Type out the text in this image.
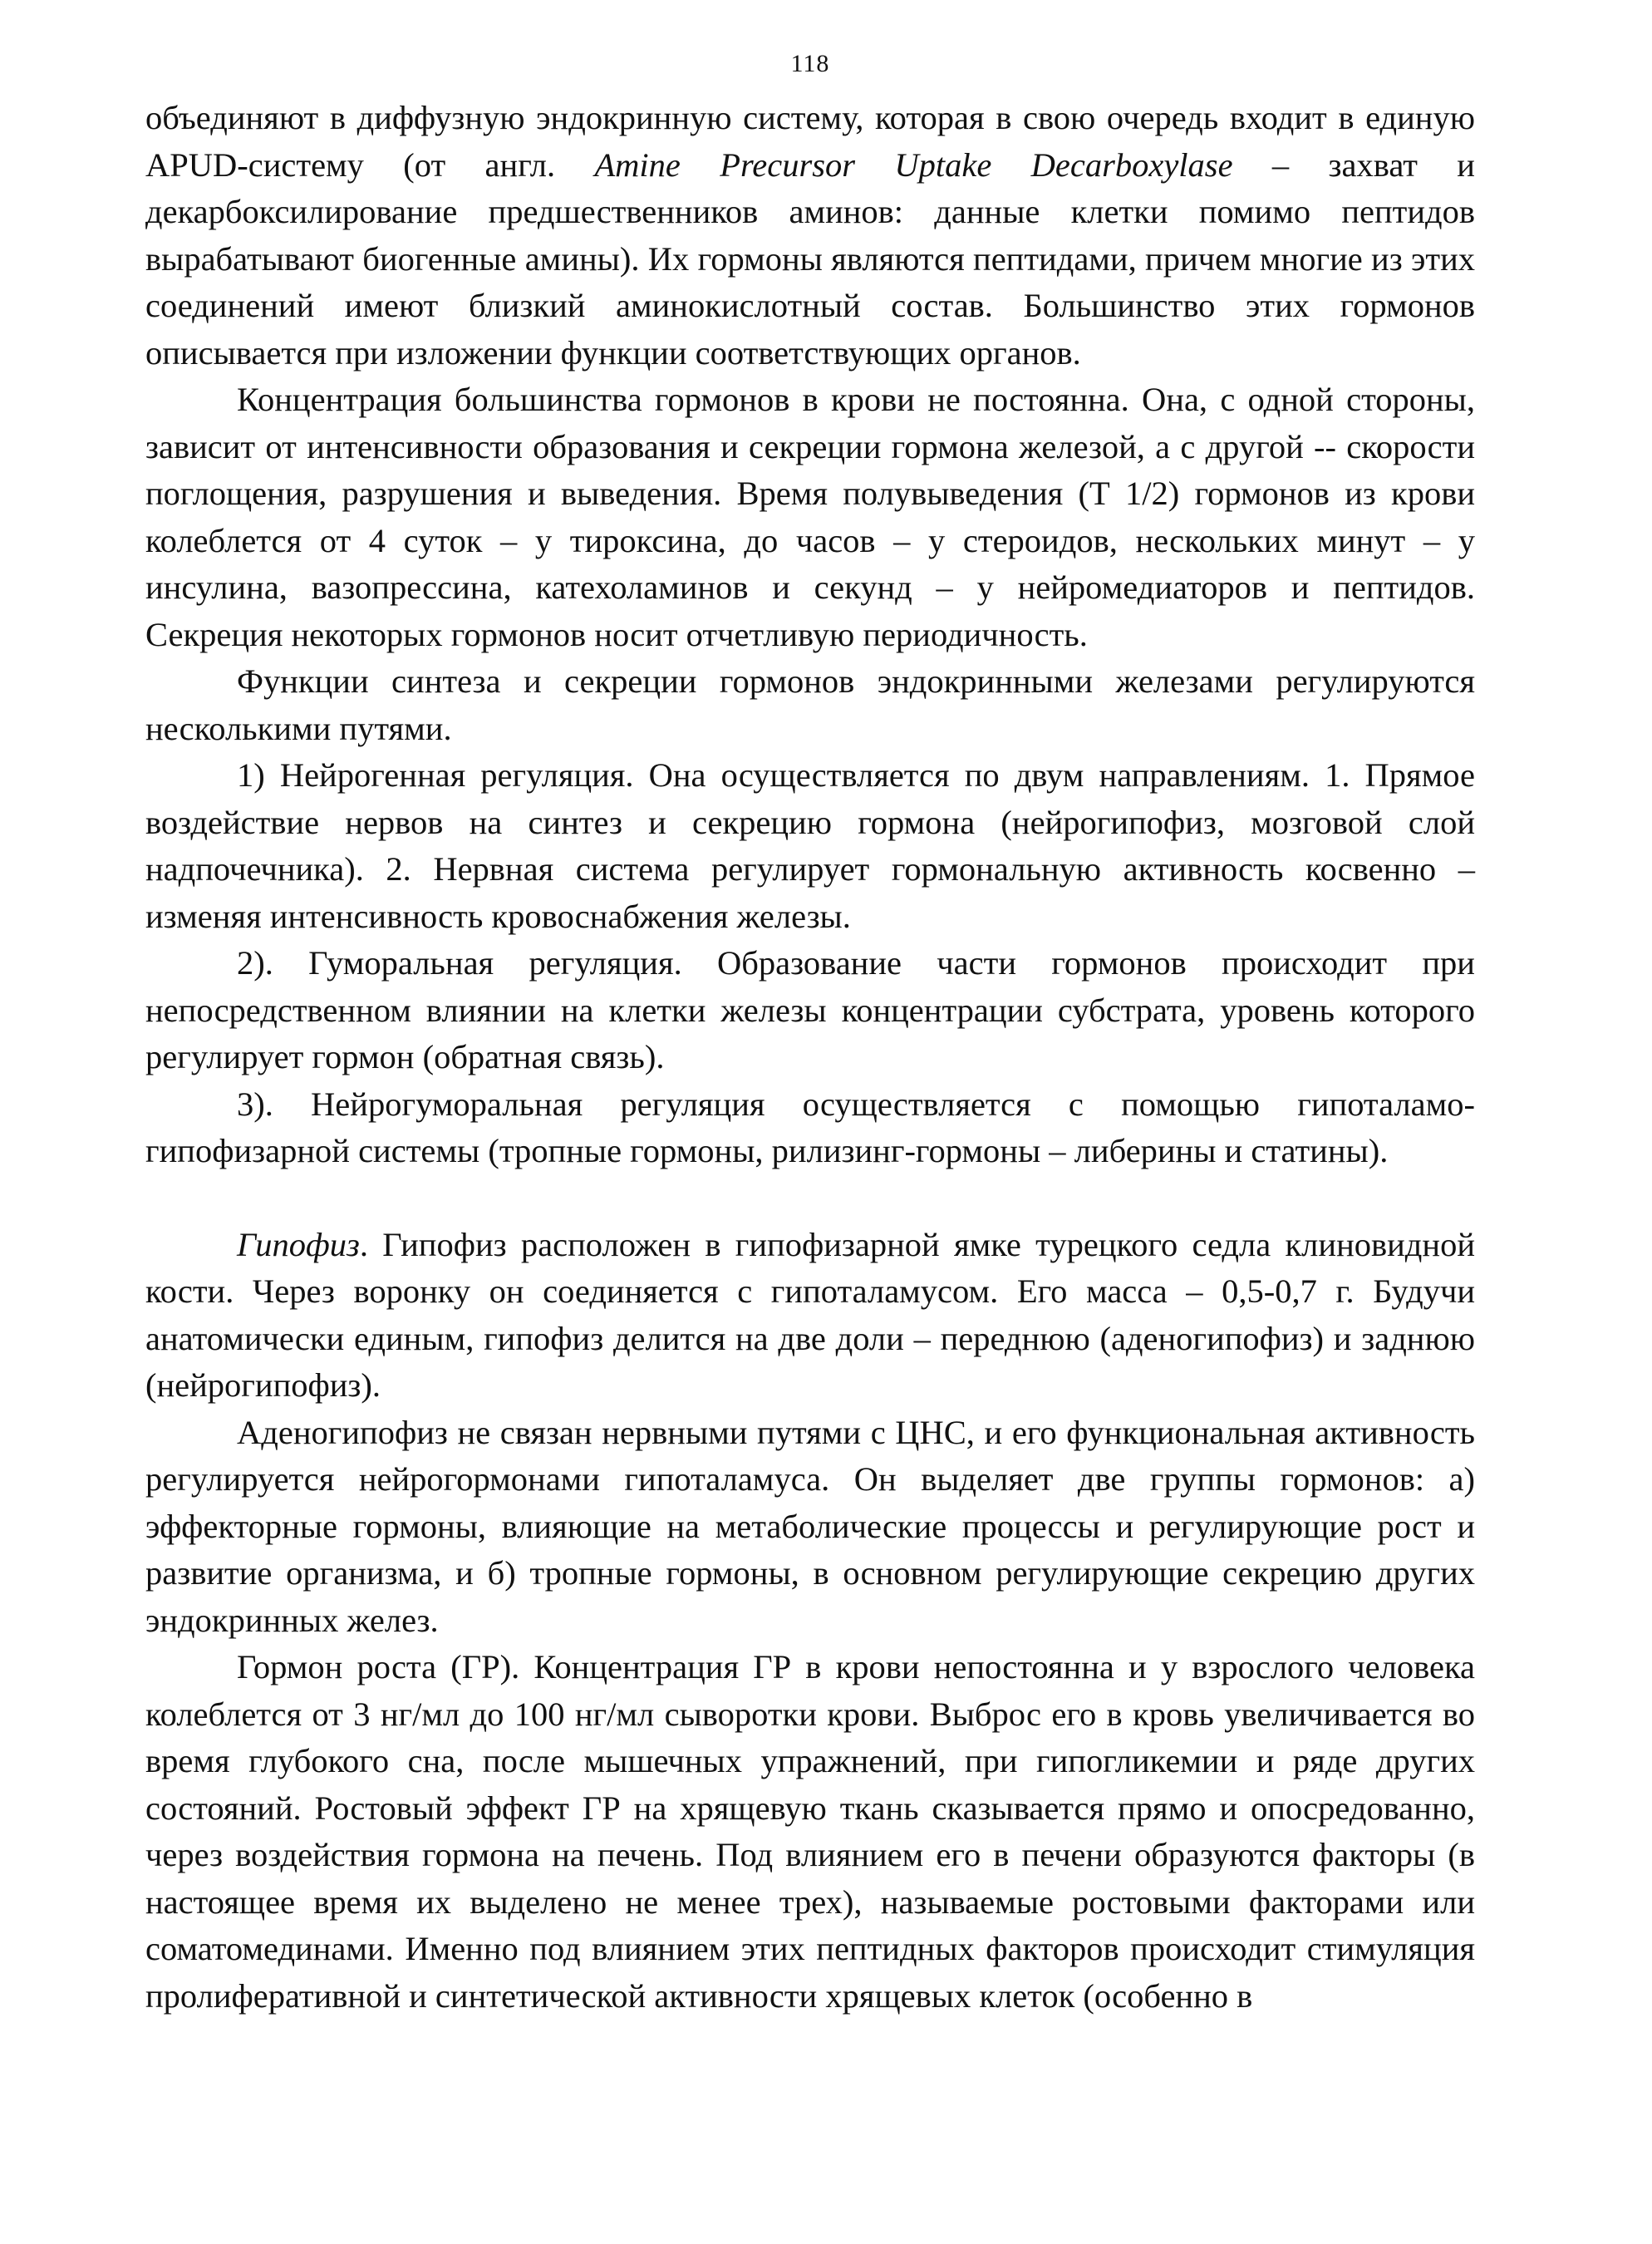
118

объединяют в диффузную эндокринную систему, которая в свою очередь входит в единую APUD-систему (от англ. Amine Precursor Uptake Decarboxylase – захват и декарбоксилирование предшественников аминов: данные клетки помимо пептидов вырабатывают биогенные амины). Их гормоны являются пептидами, причем многие из этих соединений имеют близкий аминокислотный состав. Большинство этих гормонов описывается при изложении функции соответствующих органов.

Концентрация большинства гормонов в крови не постоянна. Она, с одной стороны, зависит от интенсивности образования и секреции гормона железой, а с другой -- скорости поглощения, разрушения и выведения. Время полувыведения (Т 1/2) гормонов из крови колеблется от 4 суток – у тироксина, до часов – у стероидов, нескольких минут – у инсулина, вазопрессина, катехоламинов и секунд – у нейромедиаторов и пептидов. Секреция некоторых гормонов носит отчетливую периодичность.

Функции синтеза и секреции гормонов эндокринными железами регулируются несколькими путями.

1) Нейрогенная регуляция. Она осуществляется по двум направлениям. 1. Прямое воздействие нервов на синтез и секрецию гормона (нейрогипофиз, мозговой слой надпочечника). 2. Нервная система регулирует гормональную активность косвенно – изменяя интенсивность кровоснабжения железы.

2). Гуморальная регуляция. Образование части гормонов происходит при непосредственном влиянии на клетки железы концентрации субстрата, уровень которого регулирует гормон (обратная связь).

3). Нейрогуморальная регуляция осуществляется с помощью гипоталамо-гипофизарной системы (тропные гормоны, рилизинг-гормоны – либерины и статины).

Гипофиз. Гипофиз расположен в гипофизарной ямке турецкого седла клиновидной кости. Через воронку он соединяется с гипоталамусом. Его масса – 0,5-0,7 г. Будучи анатомически единым, гипофиз делится на две доли – переднюю (аденогипофиз) и заднюю (нейрогипофиз).

Аденогипофиз не связан нервными путями с ЦНС, и его функциональная активность регулируется нейрогормонами гипоталамуса. Он выделяет две группы гормонов: а) эффекторные гормоны, влияющие на метаболические процессы и регулирующие рост и развитие организма, и б) тропные гормоны, в основном регулирующие секрецию других эндокринных желез.

Гормон роста (ГР). Концентрация ГР в крови непостоянна и у взрослого человека колеблется от 3 нг/мл до 100 нг/мл сыворотки крови. Выброс его в кровь увеличивается во время глубокого сна, после мышечных упражнений, при гипогликемии и ряде других состояний. Ростовый эффект ГР на хрящевую ткань сказывается прямо и опосредованно, через воздействия гормона на печень. Под влиянием его в печени образуются факторы (в настоящее время их выделено не менее трех), называемые ростовыми факторами или соматомединами. Именно под влиянием этих пептидных факторов происходит стимуляция пролиферативной и синтетической активности хрящевых клеток (особенно в
